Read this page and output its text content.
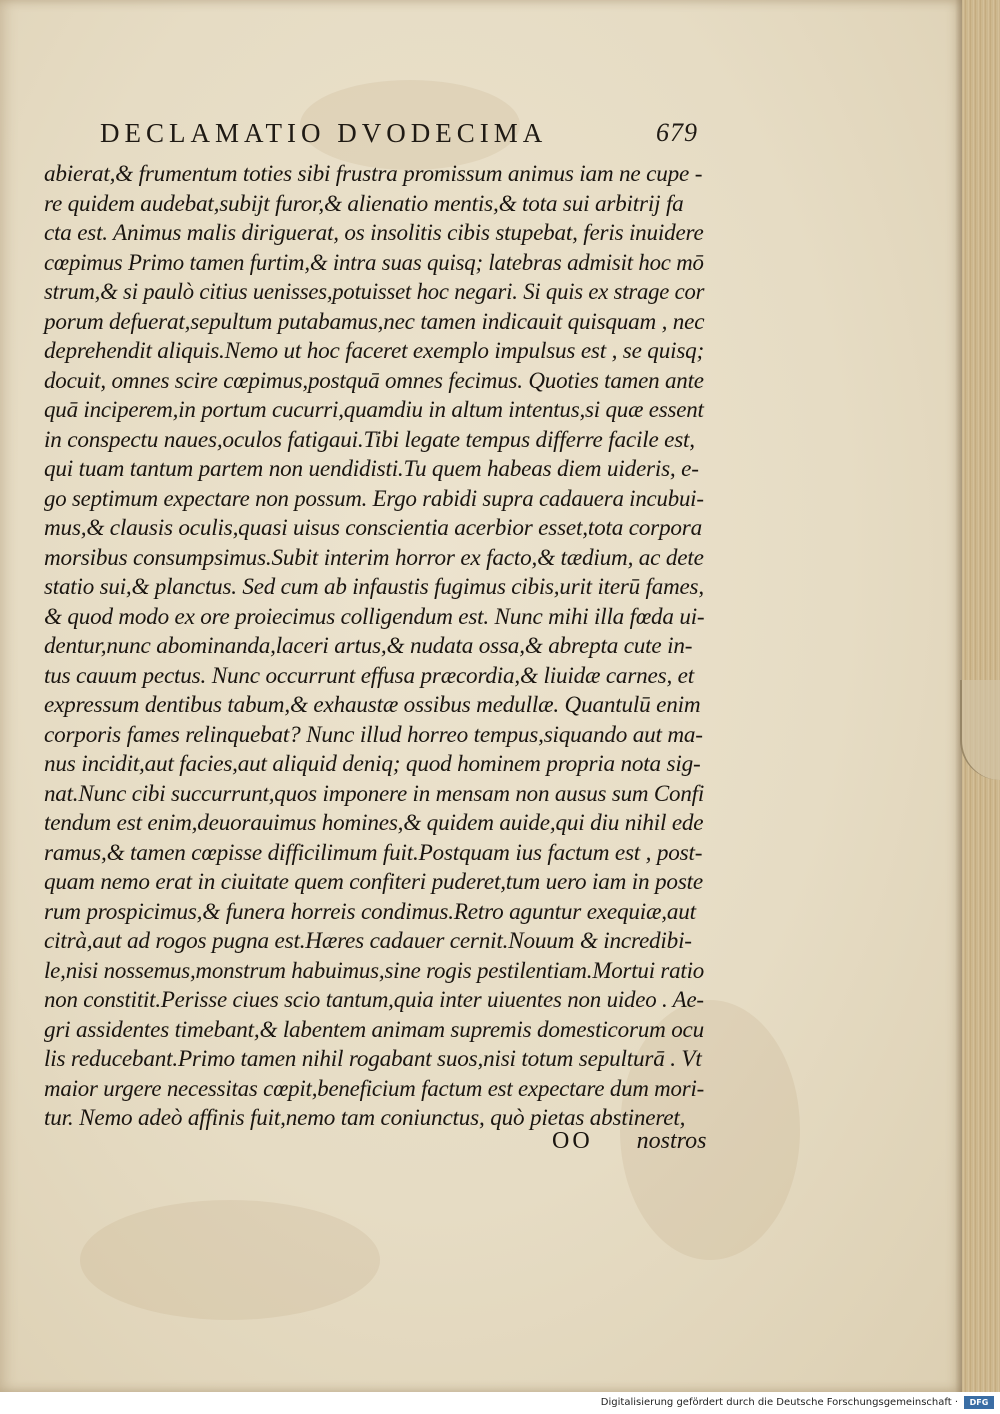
DECLAMATIO DVODECIMA	679
abierat,& frumentum toties sibi frustra promissum animus iam ne cupe -
re quidem audebat,subijt furor,& alienatio mentis,& tota sui arbitrij fa
cta est. Animus malis diriguerat, os insolitis cibis stupebat, feris inuidere
cœpimus Primo tamen furtim,& intra suas quisq; latebras admisit hoc mō
strum,& si paulò citius uenisses,potuisset hoc negari. Si quis ex strage cor
porum defuerat,sepultum putabamus,nec tamen indicauit quisquam , nec
deprehendit aliquis.Nemo ut hoc faceret exemplo impulsus est , se quisq;
docuit, omnes scire cœpimus,postquā omnes fecimus. Quoties tamen ante
quā inciperem,in portum cucurri,quamdiu in altum intentus,si quæ essent
in conspectu naues,oculos fatigaui.Tibi legate tempus differre facile est,
qui tuam tantum partem non uendidisti.Tu quem habeas diem uideris, e-
go septimum expectare non possum. Ergo rabidi supra cadauera incubui-
mus,& clausis oculis,quasi uisus conscientia acerbior esset,tota corpora
morsibus consumpsimus.Subit interim horror ex facto,& tædium, ac dete
statio sui,& planctus. Sed cum ab infaustis fugimus cibis,urit iterū fames,
& quod modo ex ore proiecimus colligendum est. Nunc mihi illa fœda ui-
dentur,nunc abominanda,laceri artus,& nudata ossa,& abrepta cute in-
tus cauum pectus. Nunc occurrunt effusa præcordia,& liuidæ carnes, et
expressum dentibus tabum,& exhaustæ ossibus medullæ. Quantulū enim
corporis fames relinquebat? Nunc illud horreo tempus,siquando aut ma-
nus incidit,aut facies,aut aliquid deniq; quod hominem propria nota sig-
nat.Nunc cibi succurrunt,quos imponere in mensam non ausus sum Confi
tendum est enim,deuorauimus homines,& quidem auide,qui diu nihil ede
ramus,& tamen cœpisse difficilimum fuit.Postquam ius factum est , post-
quam nemo erat in ciuitate quem confiteri puderet,tum uero iam in poste
rum prospicimus,& funera horreis condimus.Retro aguntur exequiæ,aut
citrà,aut ad rogos pugna est.Hæres cadauer cernit.Nouum & incredibi-
le,nisi nossemus,monstrum habuimus,sine rogis pestilentiam.Mortui ratio
non constitit.Perisse ciues scio tantum,quia inter uiuentes non uideo . Ae-
gri assidentes timebant,& labentem animam supremis domesticorum ocu
lis reducebant.Primo tamen nihil rogabant suos,nisi totum sepulturā . Vt
maior urgere necessitas cœpit,beneficium factum est expectare dum mori-
tur. Nemo adeò affinis fuit,nemo tam coniunctus, quò pietas abstineret,
OO nostros
Digitalisierung gefördert durch die Deutsche Forschungsgemeinschaft ·	DFG
